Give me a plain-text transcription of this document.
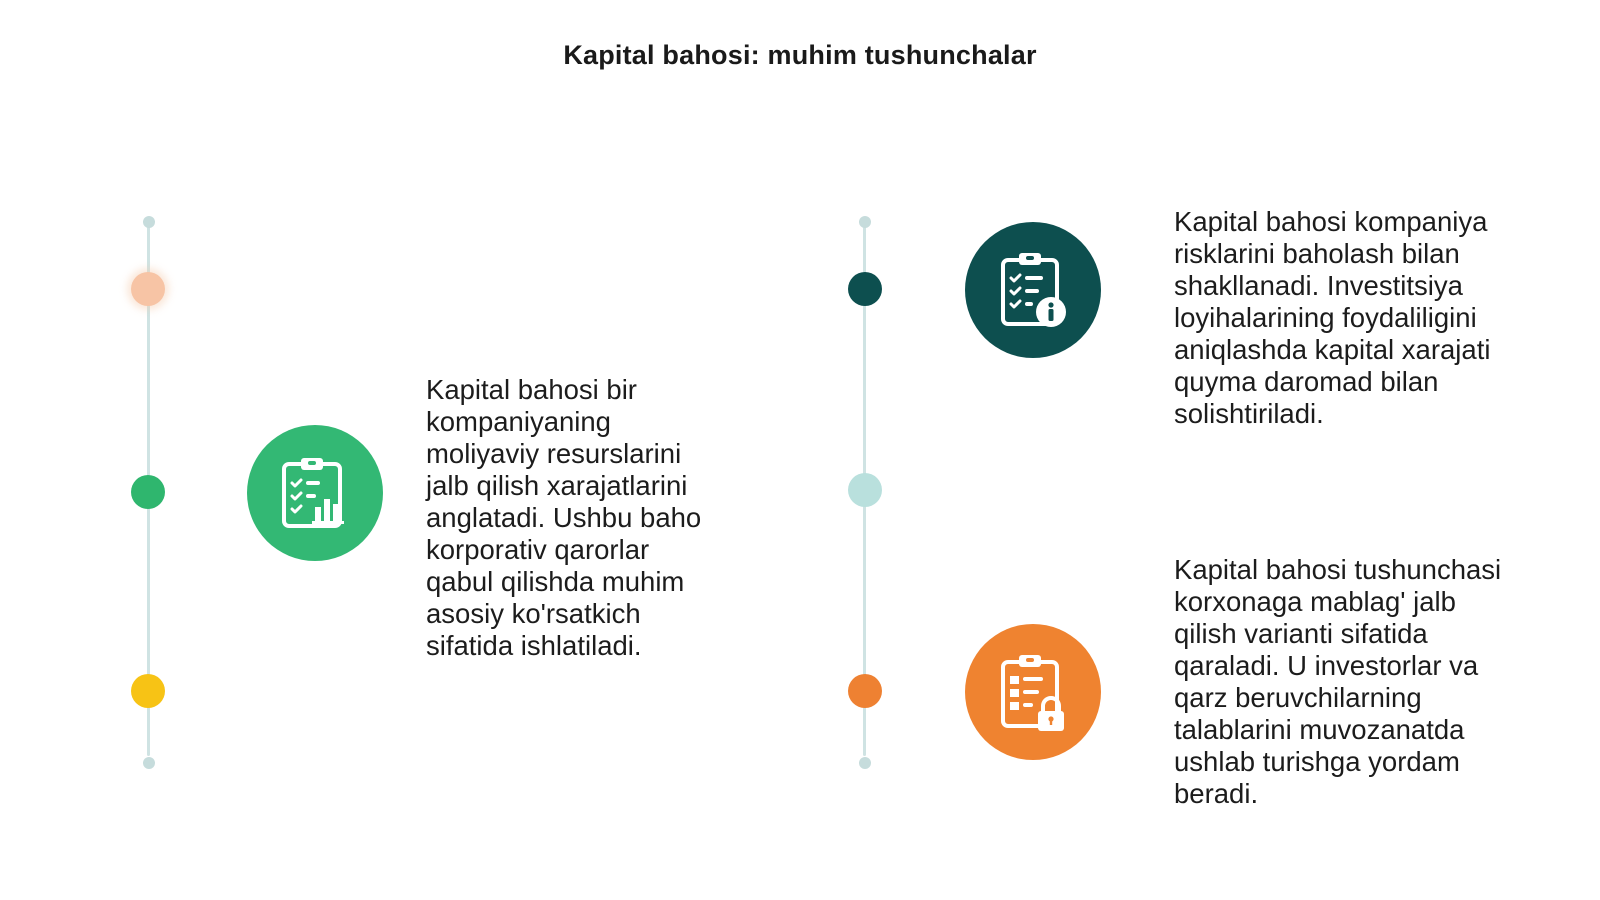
Kapital bahosi: muhim tushunchalar
Kapital bahosi bir
kompaniyaning
moliyaviy resurslarini
jalb qilish xarajatlarini
anglatadi. Ushbu baho
korporativ qarorlar
qabul qilishda muhim
asosiy ko'rsatkich
sifatida ishlatiladi.
Kapital bahosi kompaniya
risklarini baholash bilan
shakllanadi. Investitsiya
loyihalarining foydaliligini
aniqlashda kapital xarajati
quyma daromad bilan
solishtiriladi.
Kapital bahosi tushunchasi
korxonaga mablag' jalb
qilish varianti sifatida
qaraladi. U investorlar va
qarz beruvchilarning
talablarini muvozanatda
ushlab turishga yordam
beradi.
